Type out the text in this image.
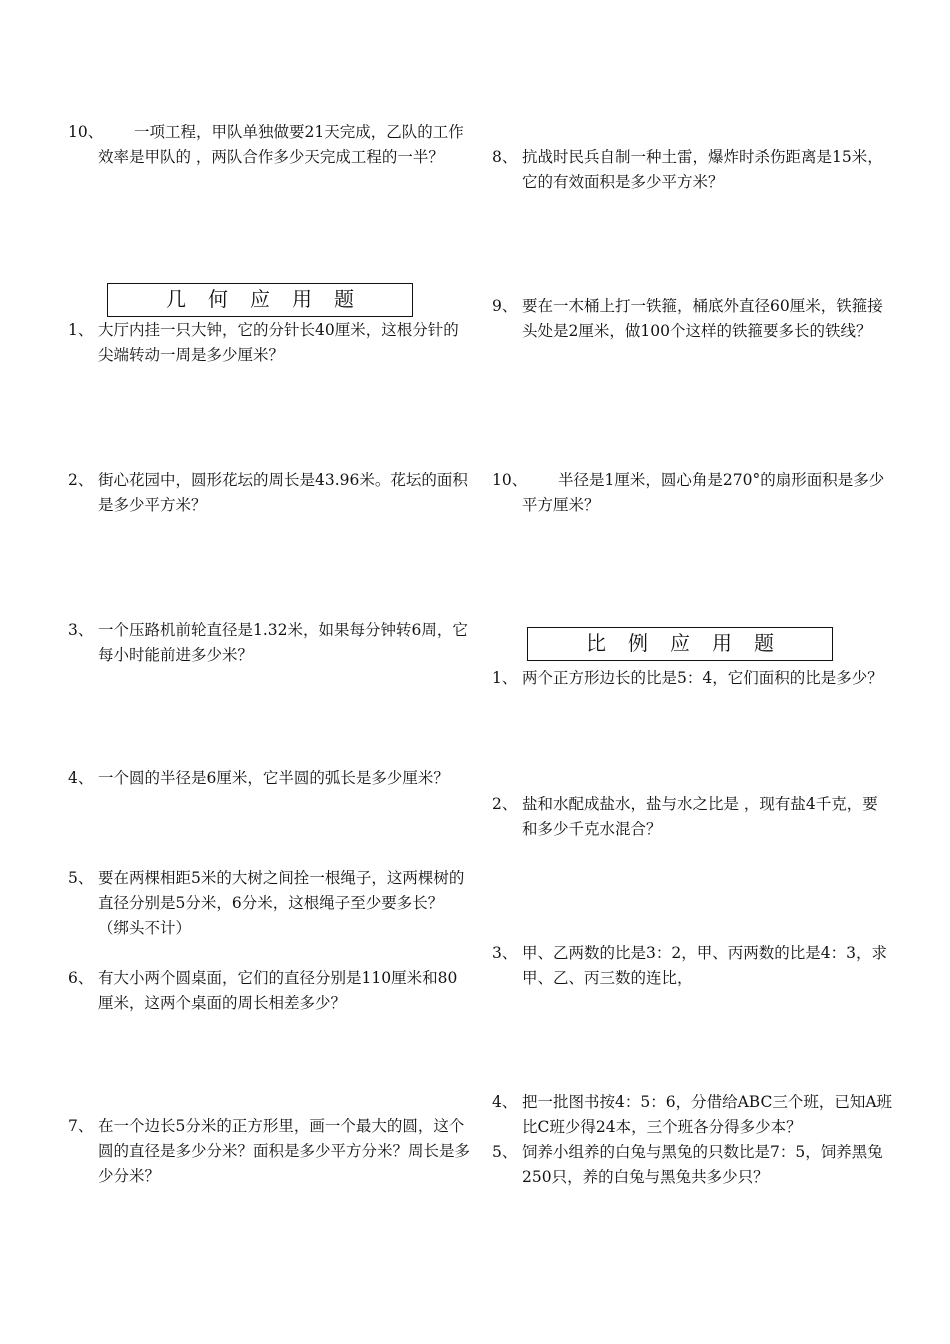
10、	一项工程，甲队单独做要21天完成，乙队的工作效率是甲队的 ，两队合作多少天完成工程的一半？
几何应用题
1、 大厅内挂一只大钟，它的分针长40厘米，这根分针的尖端转动一周是多少厘米？
2、 街心花园中，圆形花坛的周长是43.96米。花坛的面积是多少平方米？
3、 一个压路机前轮直径是1.32米，如果每分钟转6周，它每小时能前进多少米？
4、 一个圆的半径是6厘米，它半圆的弧长是多少厘米？
5、 要在两棵相距5米的大树之间拴一根绳子，这两棵树的直径分别是5分米，6分米，这根绳子至少要多长？（绑头不计）
6、 有大小两个圆桌面，它们的直径分别是110厘米和80厘米，这两个桌面的周长相差多少？
7、 在一个边长5分米的正方形里，画一个最大的圆，这个圆的直径是多少分米？面积是多少平方分米？周长是多少分米？
8、 抗战时民兵自制一种土雷，爆炸时杀伤距离是15米，它的有效面积是多少平方米？
9、 要在一木桶上打一铁箍，桶底外直径60厘米，铁箍接头处是2厘米，做100个这样的铁箍要多长的铁线？
10、	半径是1厘米，圆心角是270°的扇形面积是多少平方厘米？
比例应用题
1、 两个正方形边长的比是5：4，它们面积的比是多少？
2、 盐和水配成盐水，盐与水之比是 ，现有盐4千克，要和多少千克水混合？
3、 甲、乙两数的比是3：2，甲、丙两数的比是4：3，求甲、乙、丙三数的连比，
4、 把一批图书按4：5：6，分借给ABC三个班，已知A班比C班少得24本，三个班各分得多少本？
5、 饲养小组养的白兔与黑兔的只数比是7：5，饲养黑兔250只，养的白兔与黑兔共多少只？
